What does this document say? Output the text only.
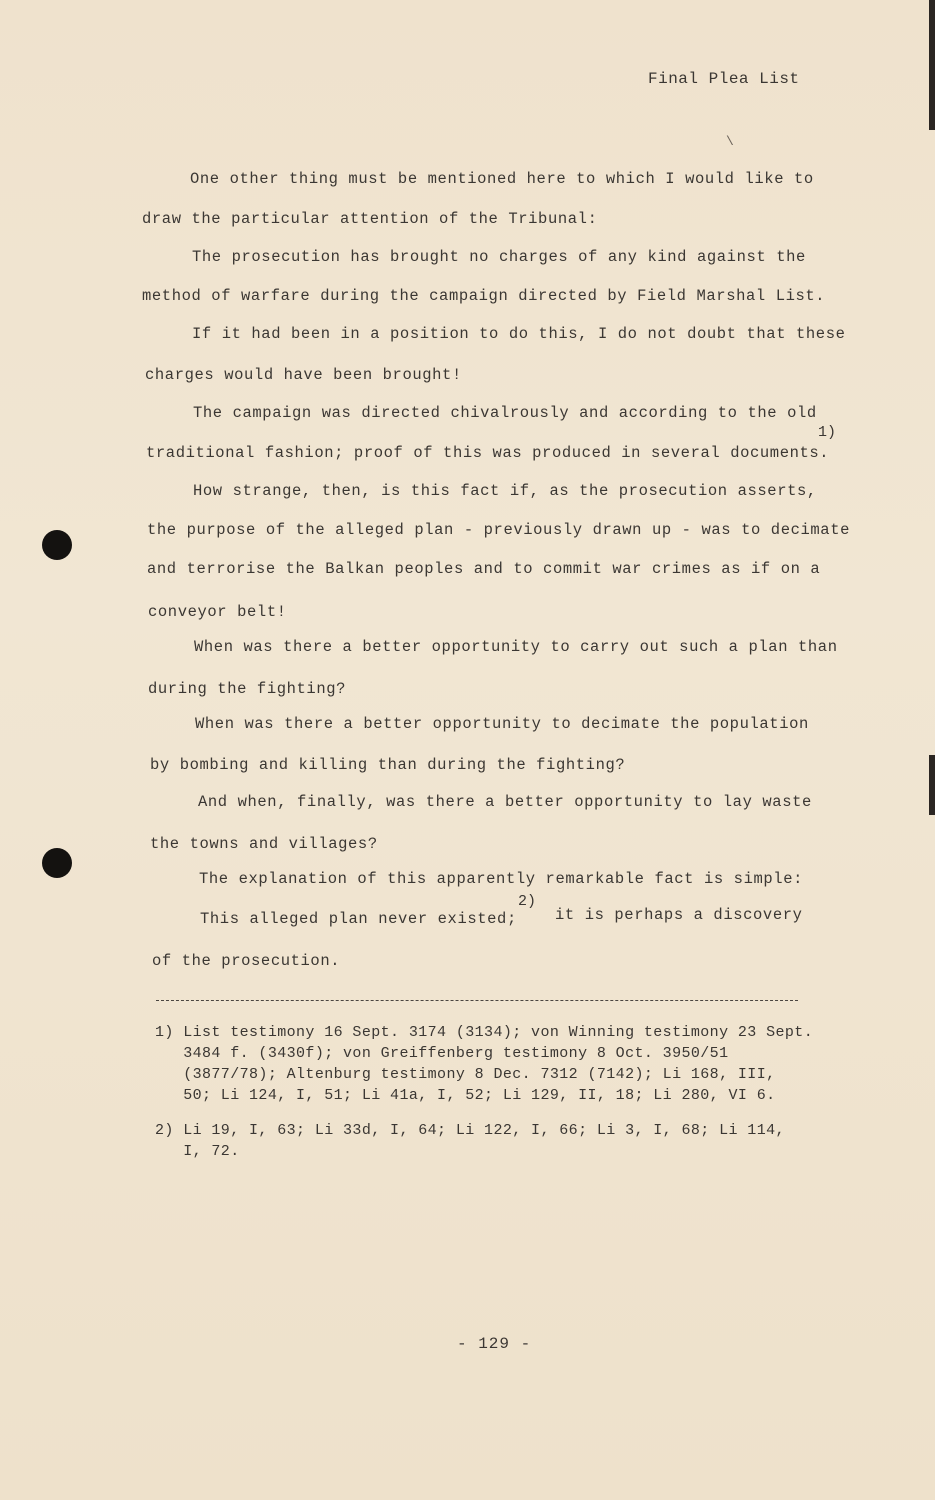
Final Plea List
\
One other thing must be mentioned here to which I would like to
draw the particular attention of the Tribunal:
The prosecution has brought no charges of any kind against the
method of warfare during the campaign directed by Field Marshal List.
If it had been in a position to do this, I do not doubt that these
charges would have been brought!
The campaign was directed chivalrously and according to the old
1)
traditional fashion; proof of this was produced in several documents.
How strange, then, is this fact if, as the prosecution asserts,
the purpose of the alleged plan - previously drawn up - was to decimate
and terrorise the Balkan peoples and to commit war crimes as if on a
conveyor belt!
When was there a better opportunity to carry out such a plan than
during the fighting?
When was there a better opportunity to decimate the population
by bombing and killing than during the fighting?
And when, finally, was there a better opportunity to lay waste
the towns and villages?
The explanation of this apparently remarkable fact is simple:
This alleged plan never existed;
2)
it is perhaps a discovery
of the prosecution.
1) List testimony 16 Sept. 3174 (3134); von Winning testimony 23 Sept.
3484 f. (3430f); von Greiffenberg testimony 8 Oct. 3950/51
(3877/78); Altenburg testimony 8 Dec. 7312 (7142); Li 168, III,
50; Li 124, I, 51; Li 41a, I, 52; Li 129, II, 18; Li 280, VI 6.
2) Li 19, I, 63; Li 33d, I, 64; Li 122, I, 66; Li 3, I, 68; Li 114,
I, 72.
- 129 -
